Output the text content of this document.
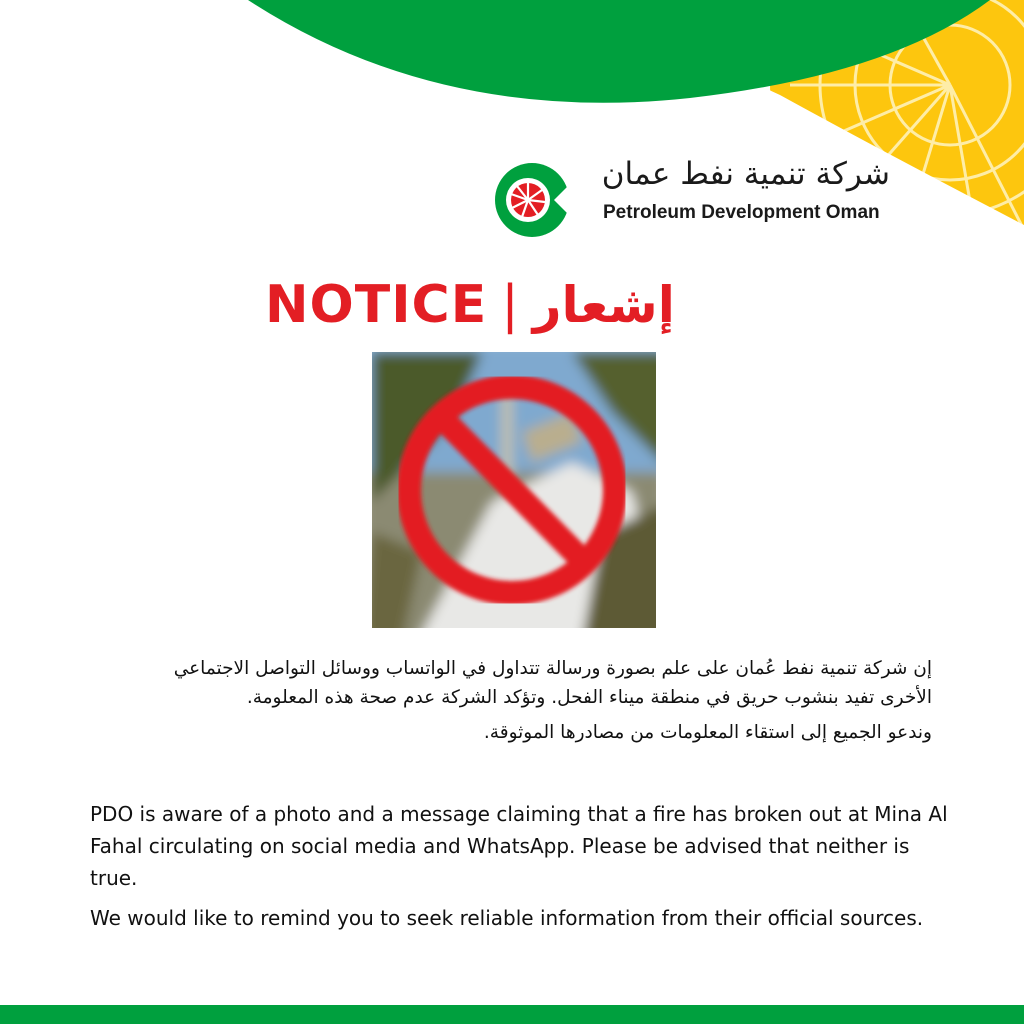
شركة تنمية نفط عمان
Petroleum Development Oman
NOTICE | إشعار

إن شركة تنمية نفط عُمان على علم بصورة ورسالة تتداول في الواتساب ووسائل التواصل الاجتماعي الأخرى تفيد بنشوب حريق في منطقة ميناء الفحل. وتؤكد الشركة عدم صحة هذه المعلومة.

وندعو الجميع إلى استقاء المعلومات من مصادرها الموثوقة.

PDO is aware of a photo and a message claiming that a fire has broken out at Mina Al Fahal circulating on social media and WhatsApp. Please be advised that neither is true.

We would like to remind you to seek reliable information from their official sources.
